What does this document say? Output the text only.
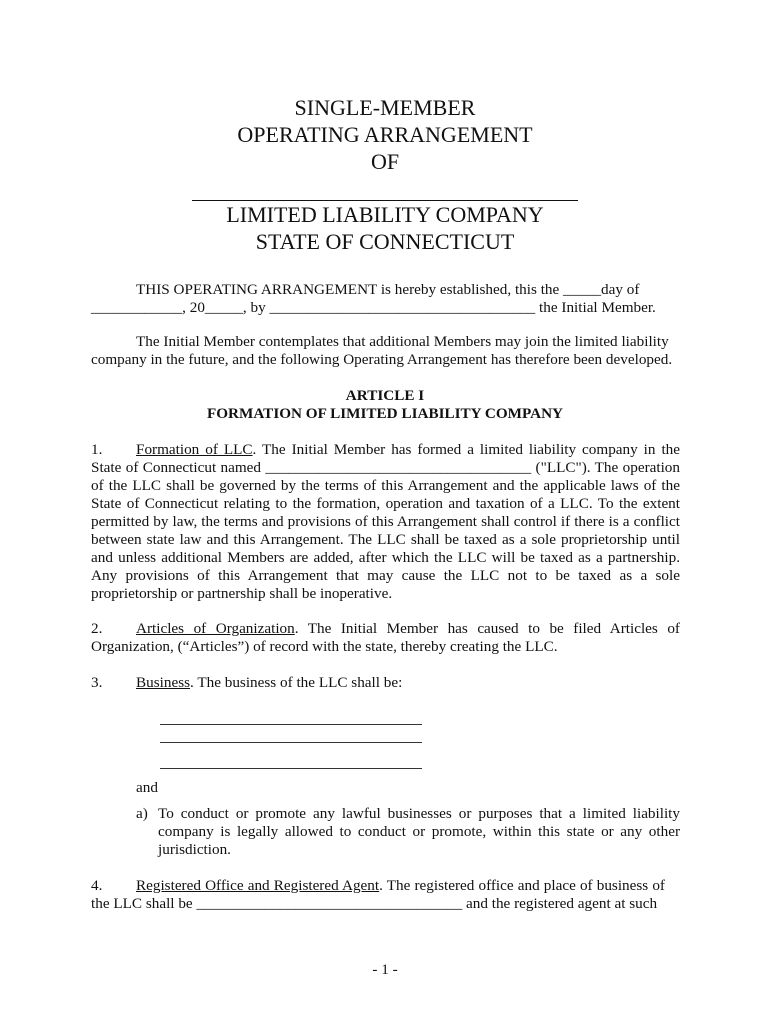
SINGLE-MEMBER
OPERATING ARRANGEMENT
OF
LIMITED LIABILITY COMPANY
STATE OF CONNECTICUT
THIS OPERATING ARRANGEMENT is hereby established, this the _____day of
____________, 20_____, by ___________________________________ the Initial Member.
The Initial Member contemplates that additional Members may join the limited liability
company in the future, and the following Operating Arrangement has therefore been developed.
ARTICLE I
FORMATION OF LIMITED LIABILITY COMPANY
1. Formation of LLC. The Initial Member has formed a limited liability company in the
State of Connecticut named ___________________________________ ("LLC"). The operation of the LLC shall be governed by the terms of this Arrangement and the applicable laws of the State of Connecticut relating to the formation, operation and taxation of a LLC. To the extent permitted by law, the terms and provisions of this Arrangement shall control if there is a conflict between state law and this Arrangement. The LLC shall be taxed as a sole proprietorship until and unless additional Members are added, after which the LLC will be taxed as a partnership. Any provisions of this Arrangement that may cause the LLC not to be taxed as a sole proprietorship or partnership shall be inoperative.
2. Articles of Organization. The Initial Member has caused to be filed Articles of
Organization, (“Articles”) of record with the state, thereby creating the LLC.
3. Business. The business of the LLC shall be:
and
a) To conduct or promote any lawful businesses or purposes that a limited liability company is legally allowed to conduct or promote, within this state or any other jurisdiction.
4. Registered Office and Registered Agent. The registered office and place of business of
the LLC shall be ___________________________________ and the registered agent at such
- 1 -
